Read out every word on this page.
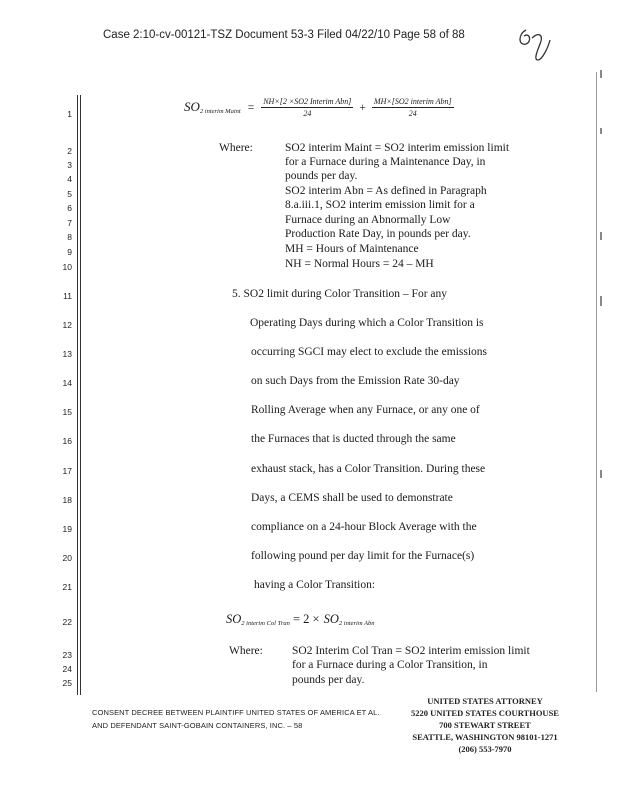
Case 2:10-cv-00121-TSZ Document 53-3 Filed 04/22/10 Page 58 of 88
1
2
3
4
5
6
7
8
9
10
11
12
13
14
15
16
17
18
19
20
21
22
23
24
25
$SO_2$ $_{interim Maint} = \frac{\text{NH×[2 ×SO2 Interim Abn]}}{24} + \frac{\text{MH×[SO2 interim Abn]}}{24}$
Where:	SO2 interim Maint = SO2 interim emission limit
for a Furnace during a Maintenance Day, in
pounds per day.
SO2 interim Abn = As defined in Paragraph
8.a.iii.1, SO2 interim emission limit for a
Furnace during an Abnormally Low
Production Rate Day, in pounds per day.
MH = Hours of Maintenance
NH = Normal Hours = 24 – MH
5. SO2 limit during Color Transition – For any
Operating Days during which a Color Transition is
occurring SGCI may elect to exclude the emissions
on such Days from the Emission Rate 30-day
Rolling Average when any Furnace, or any one of
the Furnaces that is ducted through the same
exhaust stack, has a Color Transition. During these
Days, a CEMS shall be used to demonstrate
compliance on a 24-hour Block Average with the
following pound per day limit for the Furnace(s)
having a Color Transition:
$SO_2$ $_{interim Col Tran} = 2 \times SO_2$ $_{interim Abn}$
Where:	SO2 Interim Col Tran = SO2 interim emission limit
for a Furnace during a Color Transition, in
pounds per day.
CONSENT DECREE BETWEEN PLAINTIFF UNITED STATES OF AMERICA ET AL.
AND DEFENDANT SAINT-GOBAIN CONTAINERS, INC. – 58
UNITED STATES ATTORNEY
5220 UNITED STATES COURTHOUSE
700 STEWART STREET
SEATTLE, WASHINGTON 98101-1271
(206) 553-7970
